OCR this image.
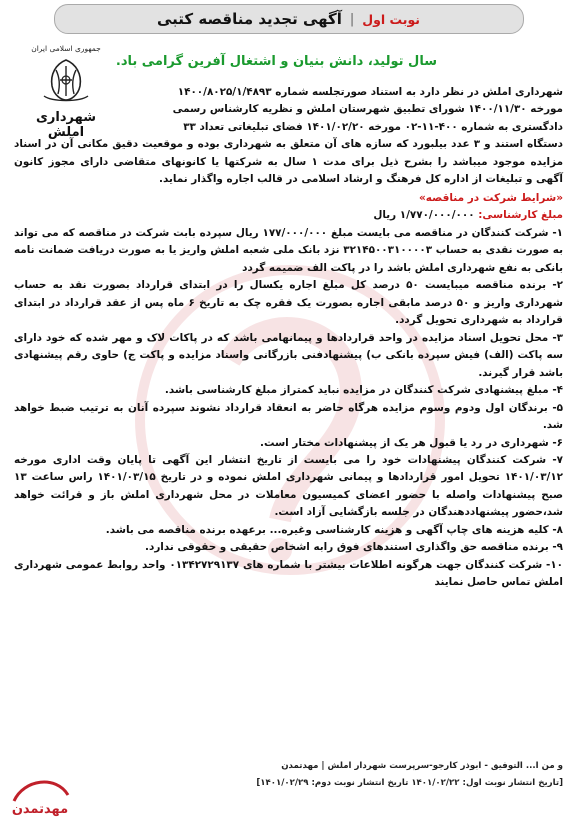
نوبت اول
|
آگهی تجدید مناقصه کتبی
سال تولید، دانش بنیان و اشتغال آفرین گرامی باد.
جمهوری اسلامی ایران
شهرداری املش
شهرداری املش در نظر دارد به استناد صورتجلسه شماره ۱۴۰۰/۸۰۲۵/۱/۴۸۹۳
مورخه ۱۴۰۰/۱۱/۳۰ شورای تطبیق شهرستان املش و نظریه کارشناس رسمی
دادگستری به شماره ۴۰۰-۱۱-۰۲ مورخه ۱۴۰۱/۰۲/۲۰ فضای تبلیغاتی تعداد ۳۳
دستگاه استند و ۳ عدد بیلبورد که سازه های آن متعلق به شهرداری بوده و موقعیت دقیق مکانی آن در اسناد مزایده موجود میباشد را بشرح ذیل برای مدت ۱ سال به شرکتها یا کانونهای متقاضی دارای مجوز کانون آگهی و تبلیغات از اداره کل فرهنگ و ارشاد اسلامی در قالب اجاره واگذار نماید.
«شرایط شرکت در مناقصه»
مبلغ کارشناسی: ۱/۷۷۰/۰۰۰/۰۰۰ ریال
۱- شرکت کنندگان در مناقصه می بایست مبلغ ۱۷۷/۰۰۰/۰۰۰ ریال سپرده بابت شرکت در مناقصه که می تواند به صورت نقدی به حساب ۳۲۱۴۵۰۰۳۱۰۰۰۰۳ نزد بانک ملی شعبه املش واریز یا به صورت دریافت ضمانت نامه بانکی به نفع شهرداری املش باشد را در پاکت الف ضمیمه گردد
۲- برنده مناقصه میبایست ۵۰ درصد کل مبلغ اجاره یکسال را در ابتدای قرارداد بصورت نقد به حساب شهرداری واریز و ۵۰ درصد مابقی اجاره بصورت یک فقره چک به تاریخ ۶ ماه پس از عقد قرارداد در ابتدای قرارداد به شهرداری تحویل گردد.
۳- محل تحویل اسناد مزایده در واحد قراردادها و پیمانهامی باشد که در پاکات لاک و مهر شده که خود دارای سه پاکت (الف) فیش سپرده بانکی ب) پیشنهادفنی بازرگانی واسناد مزایده و پاکت ج) حاوی رقم پیشنهادی باشد قرار گیرند.
۴- مبلغ پیشنهادی شرکت کنندگان در مزایده نباید کمتراز مبلغ کارشناسی باشد.
۵- برندگان اول ودوم وسوم مزایده هرگاه حاضر به انعقاد قرارداد نشوند سپرده آنان به ترتیب ضبط خواهد شد.
۶- شهرداری در رد یا قبول هر یک از پیشنهادات مختار است.
۷- شرکت کنندگان پیشنهادات خود را می بایست از تاریخ انتشار این آگهی تا پایان وقت اداری مورخه ۱۴۰۱/۰۳/۱۲ تحویل امور قراردادها و پیمانی شهرداری املش نموده و در تاریخ ۱۴۰۱/۰۳/۱۵ راس ساعت ۱۳ صبح پیشنهادات واصله با حضور اعضای کمیسیون معاملات در محل شهرداری املش باز و قرائت خواهد شد،حضور پیشنهاددهندگان در جلسه بازگشایی آزاد است.
۸- کلیه هزینه های چاپ آگهی و هزینه کارشناسی وغیره... برعهده برنده مناقصه می باشد.
۹- برنده مناقصه حق واگذاری استندهای فوق رابه اشخاص حقیقی و حقوقی ندارد.
۱۰- شرکت کنندگان جهت هرگونه اطلاعات بیشتر با شماره های ۰۱۳۴۲۷۲۹۱۳۷ واحد روابط عمومی شهرداری املش تماس حاصل نمایند
و من ا... التوفیق - ابوذر کارجو-سرپرست شهردار املش | مهدتمدن
[تاریخ انتشار نوبت اول: ۱۴۰۱/۰۲/۲۲ تاریخ انتشار نوبت دوم: ۱۴۰۱/۰۲/۲۹]
مهدتمدن
